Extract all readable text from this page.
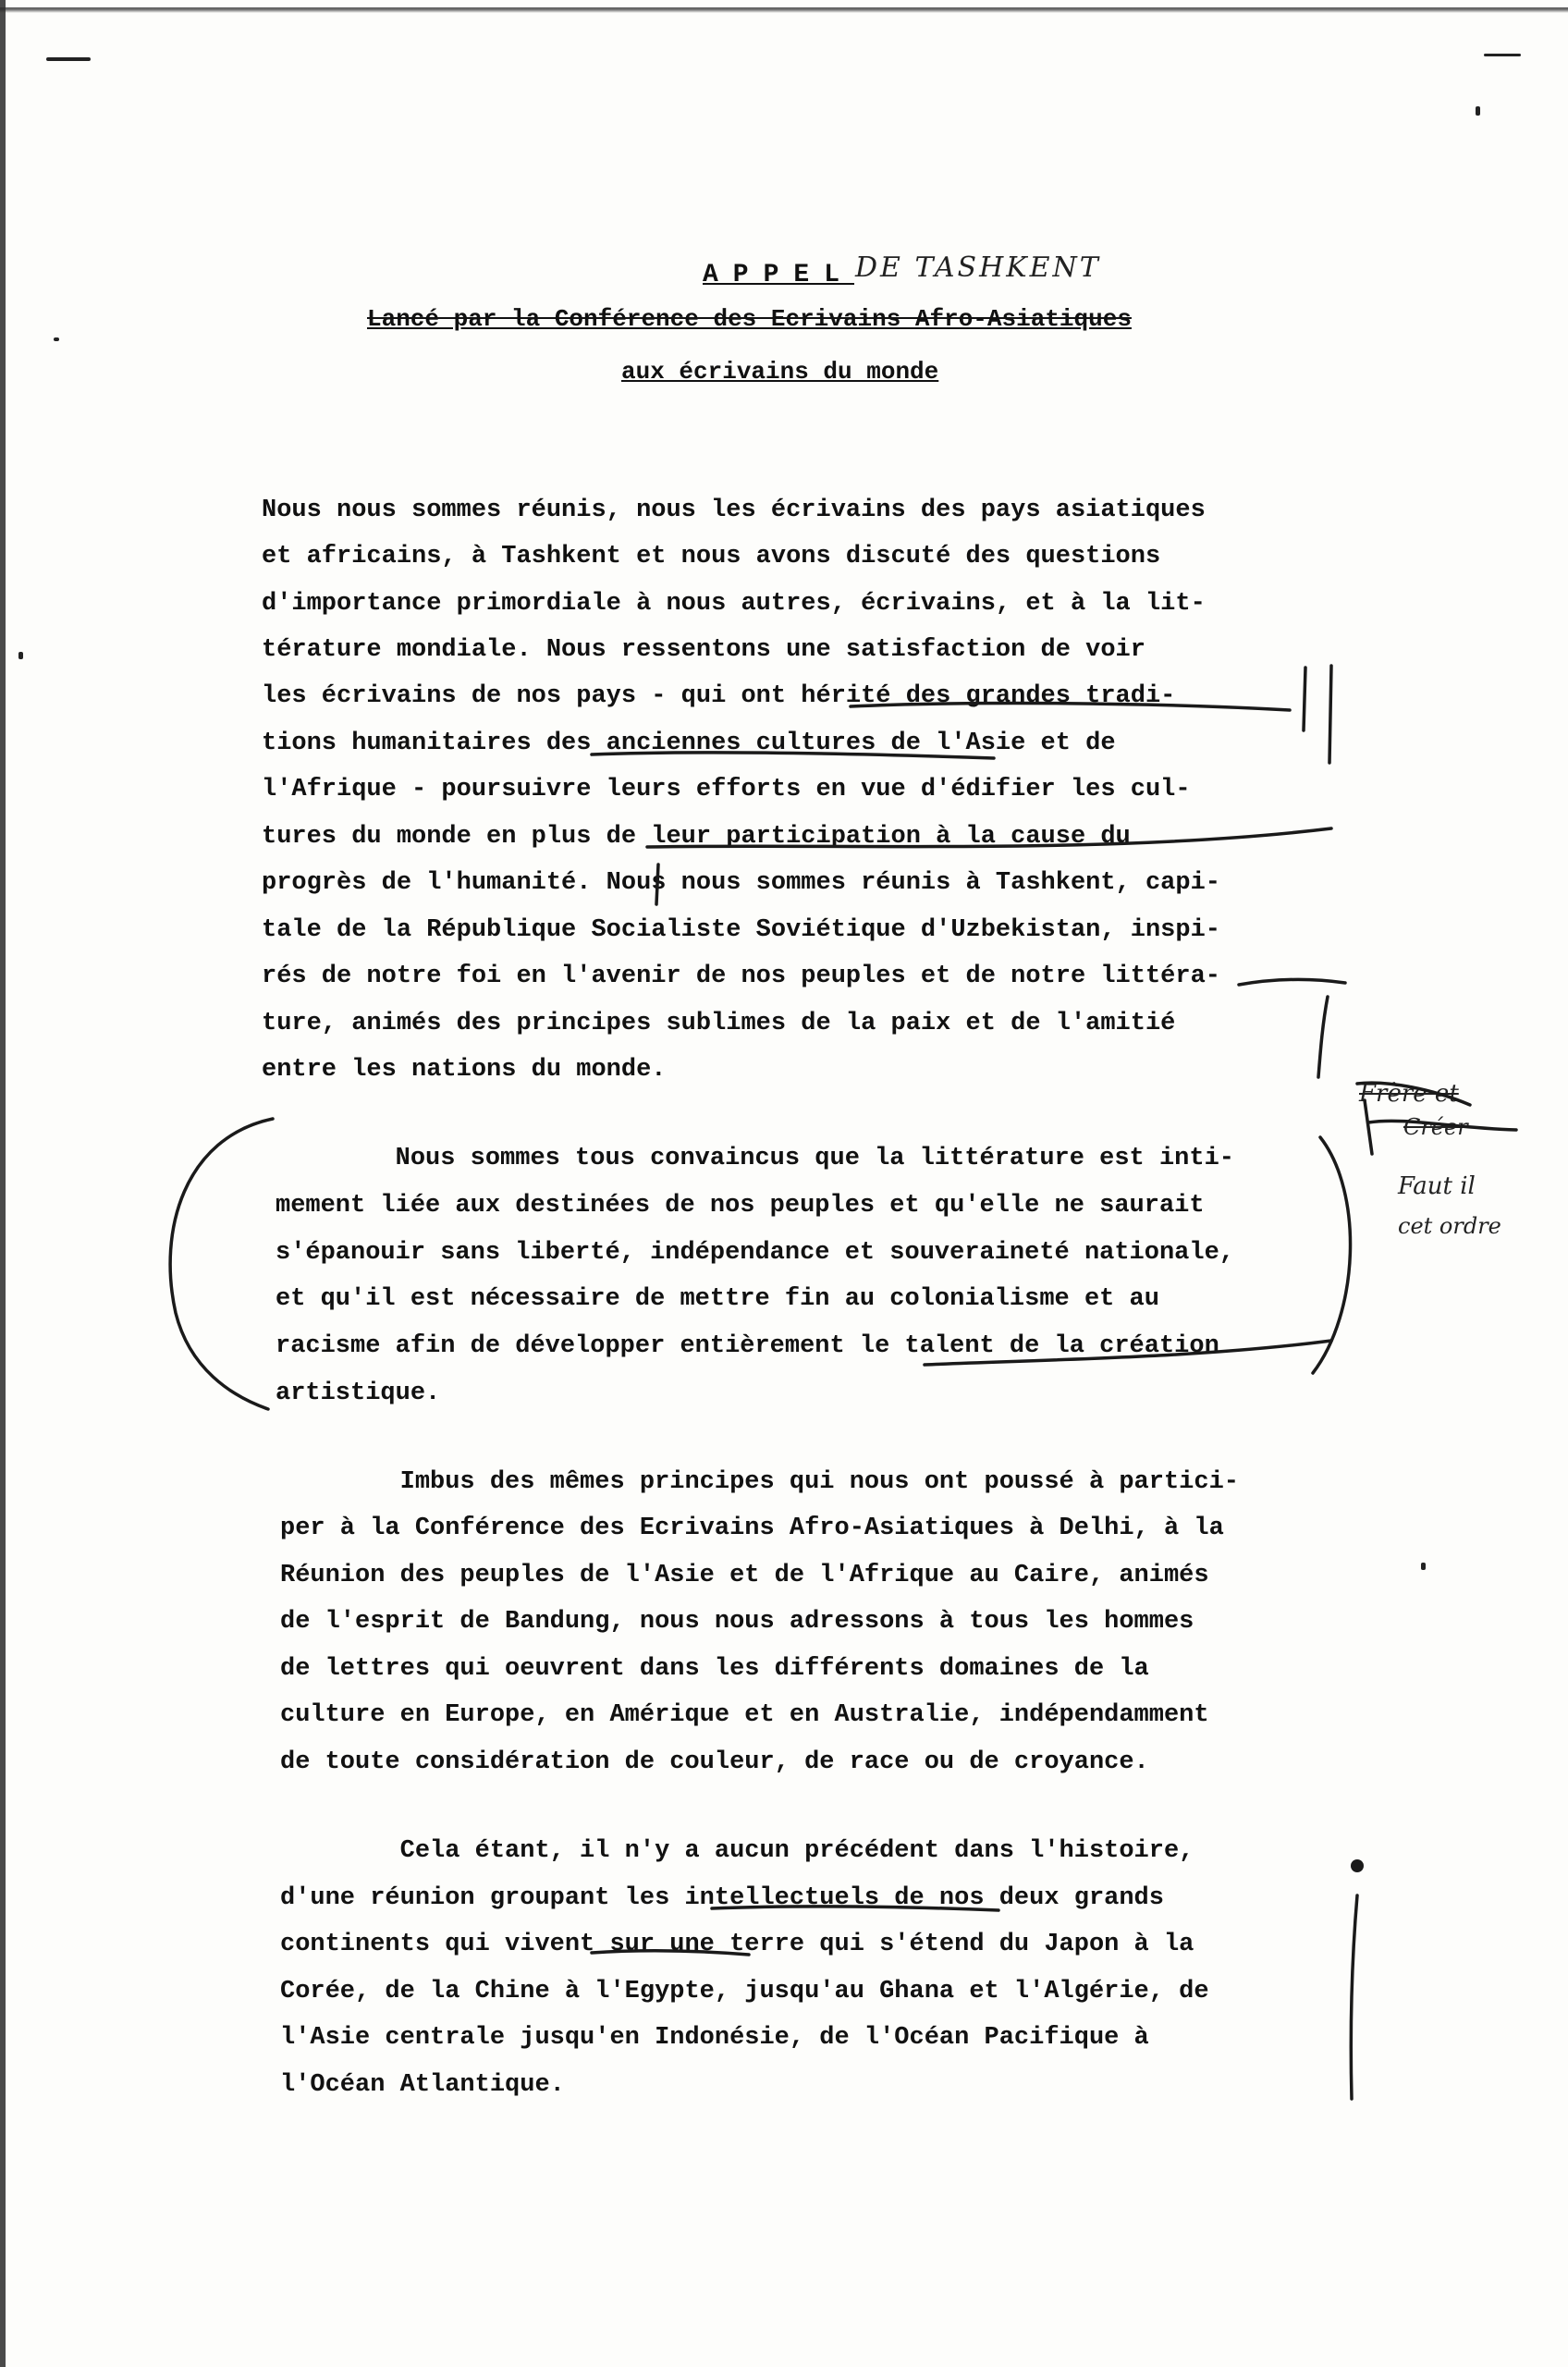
APPEL DE TASHKENT
Lancé par la Conférence des Ecrivains Afro-Asiatiques
aux écrivains du monde
Nous nous sommes réunis, nous les écrivains des pays asiatiques
et africains, à Tashkent et nous avons discuté des questions
d'importance primordiale à nous autres, écrivains, et à la lit-
térature mondiale. Nous ressentons une satisfaction de voir
les écrivains de nos pays - qui ont hérité des grandes tradi-
tions humanitaires des anciennes cultures de l'Asie et de
l'Afrique - poursuivre leurs efforts en vue d'édifier les cul-
tures du monde en plus de leur participation à la cause du
progrès de l'humanité. Nous nous sommes réunis à Tashkent, capi-
tale de la République Socialiste Soviétique d'Uzbekistan, inspi-
rés de notre foi en l'avenir de nos peuples et de notre littéra-
ture, animés des principes sublimes de la paix et de l'amitié
entre les nations du monde.
Nous sommes tous convaincus que la littérature est inti-
mement liée aux destinées de nos peuples et qu'elle ne saurait
s'épanouir sans liberté, indépendance et souveraineté nationale,
et qu'il est nécessaire de mettre fin au colonialisme et au
racisme afin de développer entièrement le talent de la création
artistique.
Imbus des mêmes principes qui nous ont poussé à partici-
per à la Conférence des Ecrivains Afro-Asiatiques à Delhi, à la
Réunion des peuples de l'Asie et de l'Afrique au Caire, animés
de l'esprit de Bandung, nous nous adressons à tous les hommes
de lettres qui oeuvrent dans les différents domaines de la
culture en Europe, en Amérique et en Australie, indépendamment
de toute considération de couleur, de race ou de croyance.
Cela étant, il n'y a aucun précédent dans l'histoire,
d'une réunion groupant les intellectuels de nos deux grands
continents qui vivent sur une terre qui s'étend du Japon à la
Corée, de la Chine à l'Egypte, jusqu'au Ghana et l'Algérie, de
l'Asie centrale jusqu'en Indonésie, de l'Océan Pacifique à
l'Océan Atlantique.
Frère et
Créer
Faut il
cet ordre
